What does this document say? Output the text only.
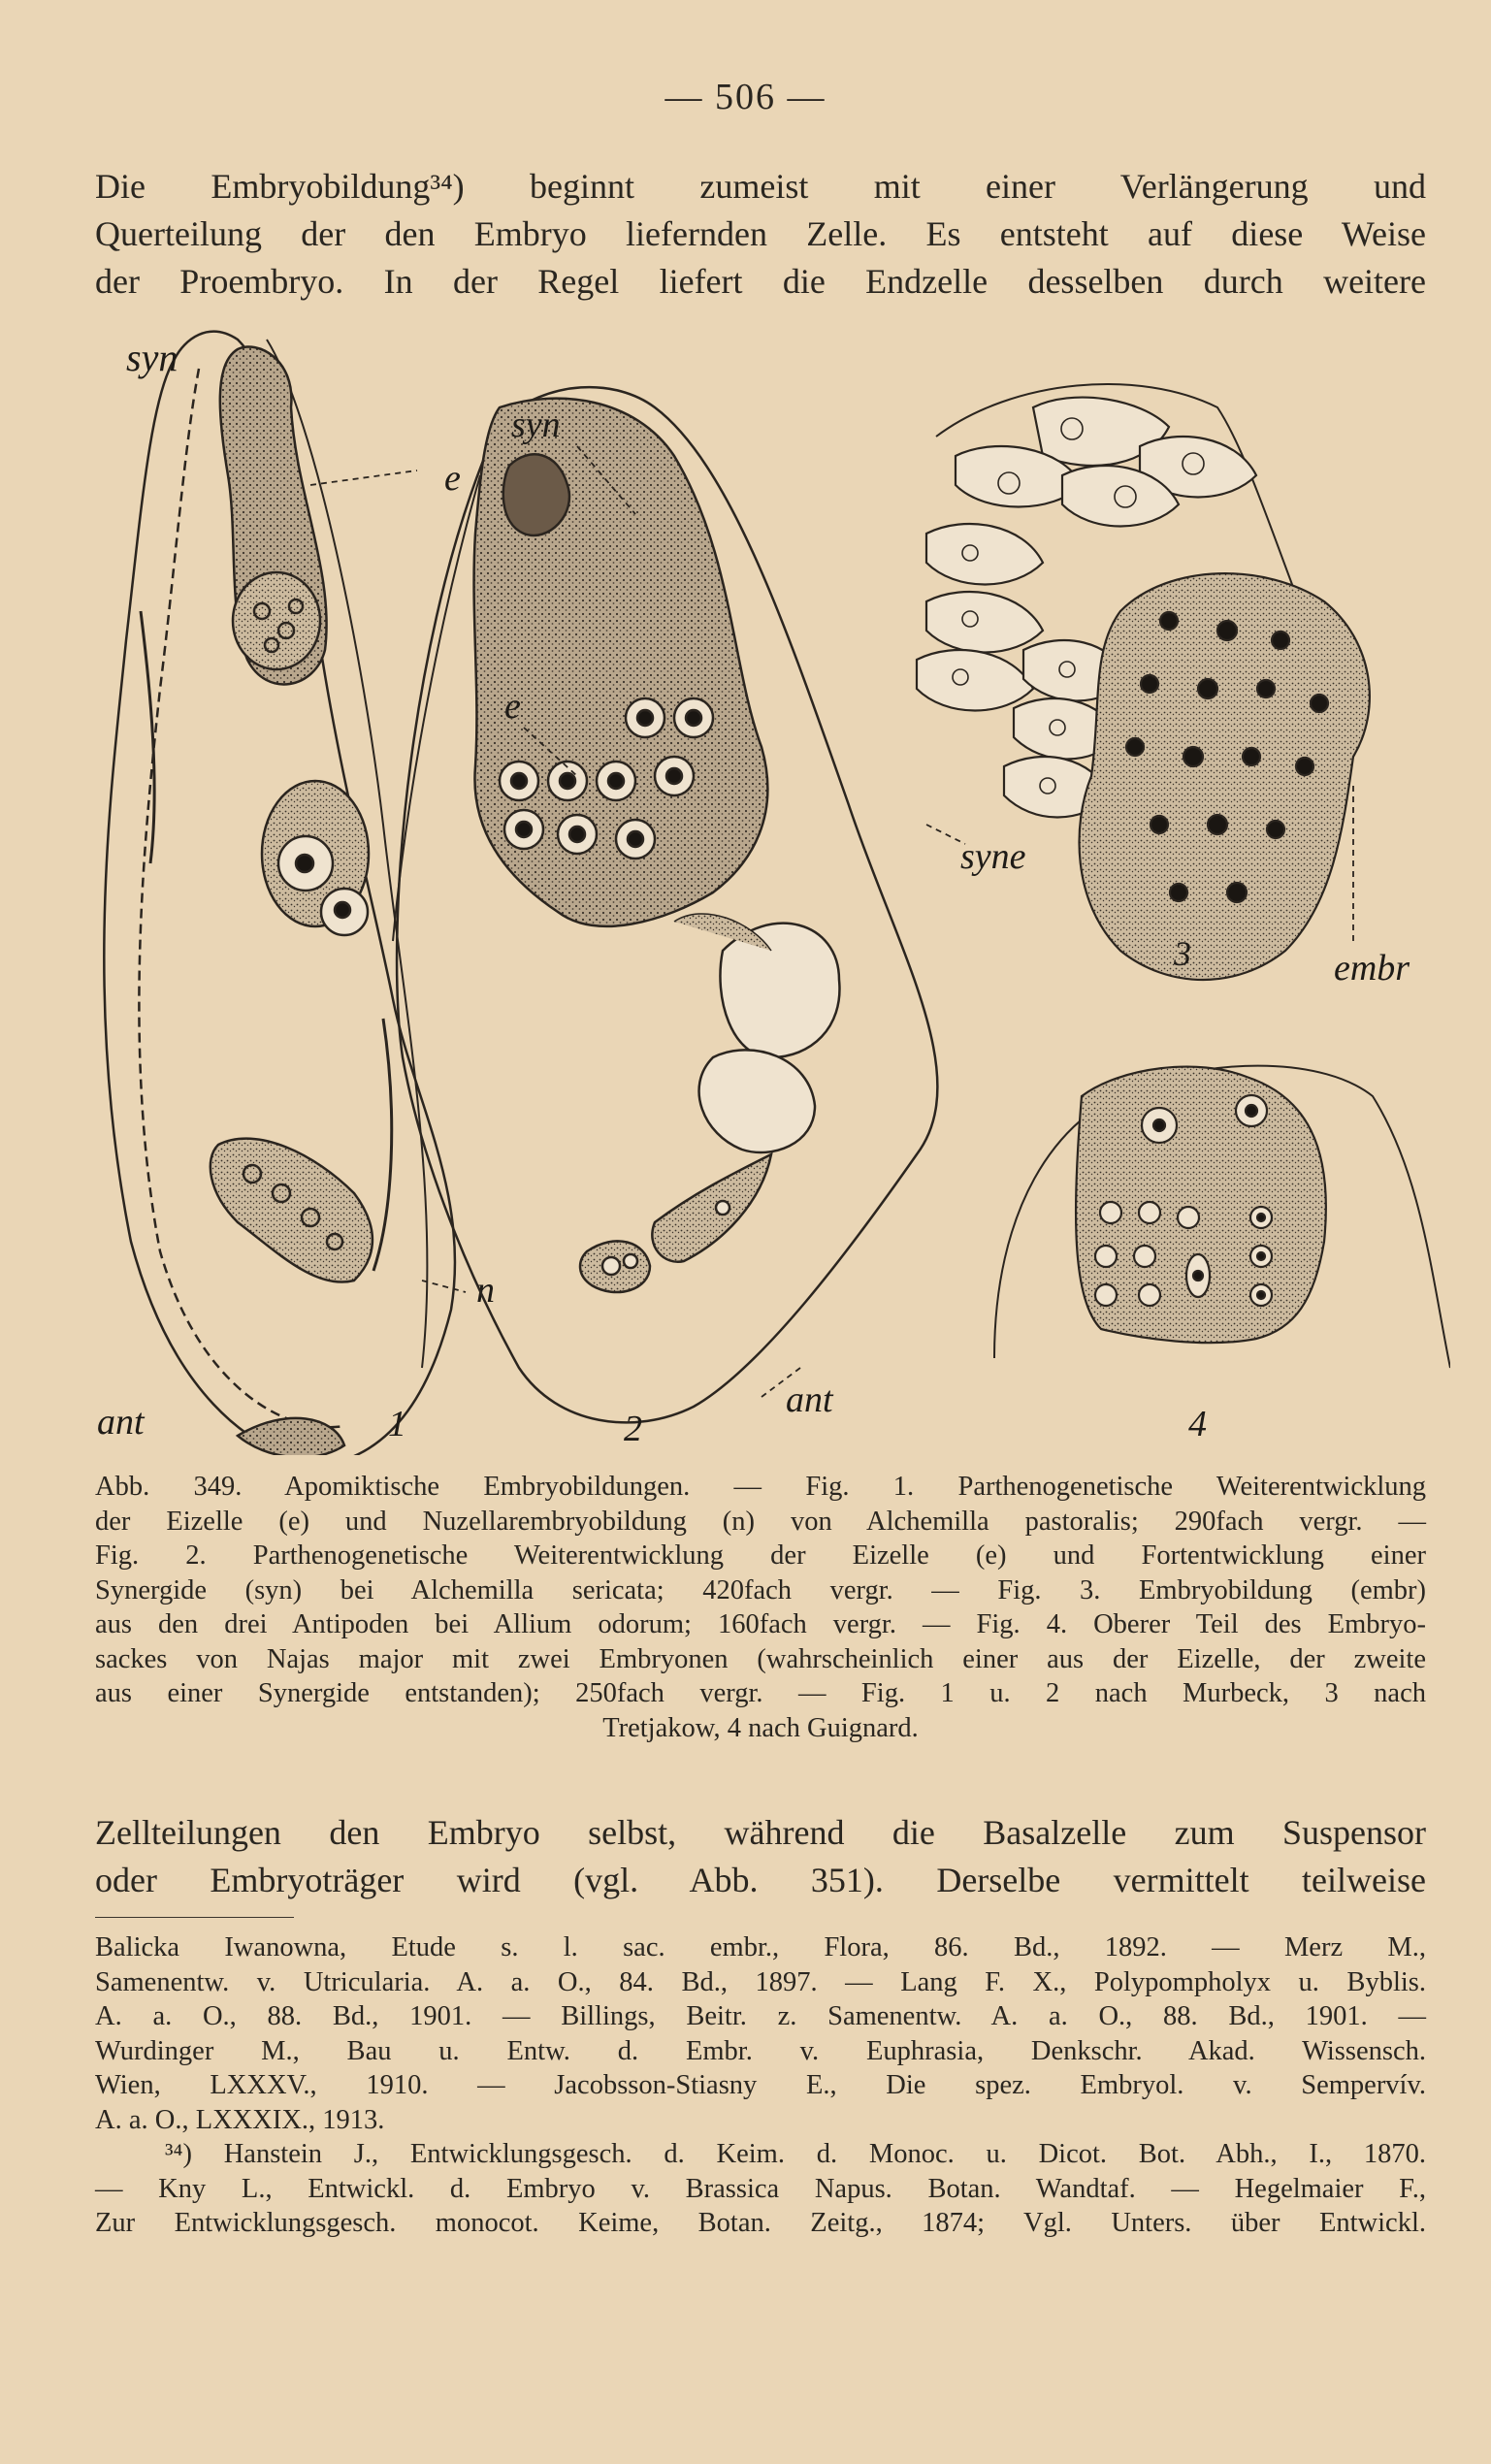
— 506 —
Die Embryobildung³⁴) beginnt zumeist mit einer Verlängerung und
Querteilung der den Embryo liefernden Zelle. Es entsteht auf diese Weise
der Proembryo. In der Regel liefert die Endzelle desselben durch weitere
syn
e
n
ant	1
syn
e
ant
2
syne
embr
3
4
Abb. 349. Apomiktische Embryobildungen. — Fig. 1. Parthenogenetische Weiterentwicklung
der Eizelle (e) und Nuzellarembryobildung (n) von Alchemilla pastoralis; 290fach vergr. —
Fig. 2. Parthenogenetische Weiterentwicklung der Eizelle (e) und Fortentwicklung einer
Synergide (syn) bei Alchemilla sericata; 420fach vergr. — Fig. 3. Embryobildung (embr)
aus den drei Antipoden bei Allium odorum; 160fach vergr. — Fig. 4. Oberer Teil des Embryo-
sackes von Najas major mit zwei Embryonen (wahrscheinlich einer aus der Eizelle, der zweite
aus einer Synergide entstanden); 250fach vergr. — Fig. 1 u. 2 nach Murbeck, 3 nach
Tretjakow, 4 nach Guignard.
Zellteilungen den Embryo selbst, während die Basalzelle zum Suspensor
oder Embryoträger wird (vgl. Abb. 351). Derselbe vermittelt teilweise
Balicka Iwanowna, Etude s. l. sac. embr., Flora, 86. Bd., 1892. — Merz M.,
Samenentw. v. Utricularia. A. a. O., 84. Bd., 1897. — Lang F. X., Polypompholyx u. Byblis.
A. a. O., 88. Bd., 1901. — Billings, Beitr. z. Samenentw. A. a. O., 88. Bd., 1901. —
Wurdinger M., Bau u. Entw. d. Embr. v. Euphrasia, Denkschr. Akad. Wissensch.
Wien, LXXXV., 1910. — Jacobsson-Stiasny E., Die spez. Embryol. v. Sempervív.
A. a. O., LXXXIX., 1913.
³⁴) Hanstein J., Entwicklungsgesch. d. Keim. d. Monoc. u. Dicot. Bot. Abh., I., 1870.
— Kny L., Entwickl. d. Embryo v. Brassica Napus. Botan. Wandtaf. — Hegelmaier F.,
Zur Entwicklungsgesch. monocot. Keime, Botan. Zeitg., 1874; Vgl. Unters. über Entwickl.
